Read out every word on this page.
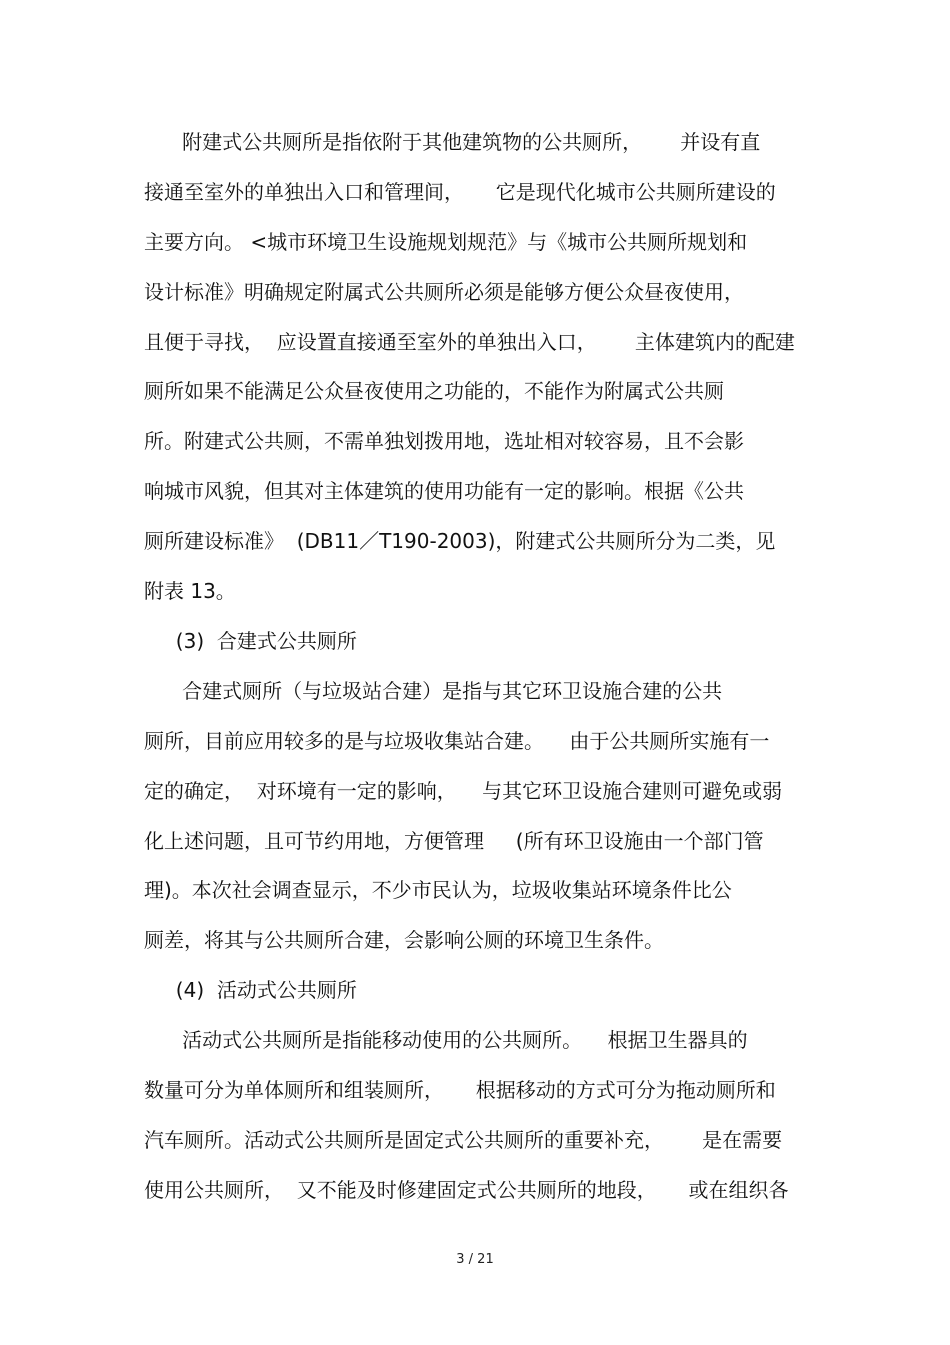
附建式公共厕所是指依附于其他建筑物的公共厕所，      并设有直
接通至室外的单独出入口和管理间，     它是现代化城市公共厕所建设的
主要方向。 <城市环境卫生设施规划规范》与《城市公共厕所规划和
设计标准》明确规定附属式公共厕所必须是能够方便公众昼夜使用，
且便于寻找，  应设置直接通至室外的单独出入口，      主体建筑内的配建
厕所如果不能满足公众昼夜使用之功能的，不能作为附属式公共厕
所。附建式公共厕，不需单独划拨用地，选址相对较容易，且不会影
响城市风貌，但其对主体建筑的使用功能有一定的影响。根据《公共
厕所建设标准》  (DB11／T190-2003)，附建式公共厕所分为二类，见
附表 13。
(3)  合建式公共厕所
合建式厕所（与垃圾站合建）是指与其它环卫设施合建的公共
厕所，目前应用较多的是与垃圾收集站合建。    由于公共厕所实施有一
定的确定，  对环境有一定的影响，    与其它环卫设施合建则可避免或弱
化上述问题，且可节约用地，方便管理     (所有环卫设施由一个部门管
理)。本次社会调查显示，不少市民认为，垃圾收集站环境条件比公
厕差，将其与公共厕所合建，会影响公厕的环境卫生条件。
(4)  活动式公共厕所
活动式公共厕所是指能移动使用的公共厕所。    根据卫生器具的
数量可分为单体厕所和组装厕所，     根据移动的方式可分为拖动厕所和
汽车厕所。活动式公共厕所是固定式公共厕所的重要补充，      是在需要
使用公共厕所，  又不能及时修建固定式公共厕所的地段，     或在组织各
3 / 21
